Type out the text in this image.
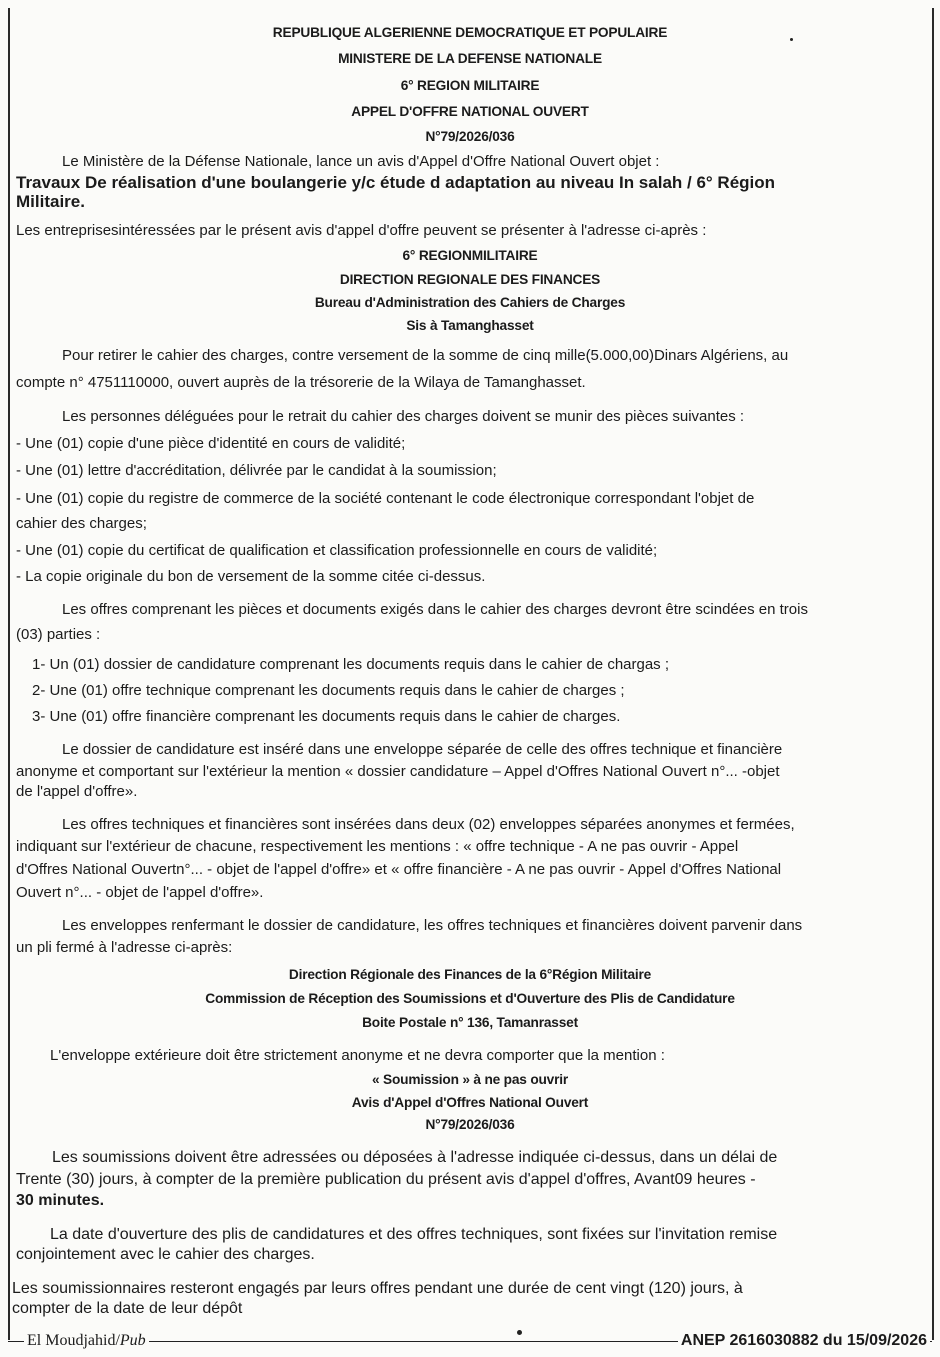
REPUBLIQUE ALGERIENNE DEMOCRATIQUE ET POPULAIRE
MINISTERE DE LA DEFENSE NATIONALE
6° REGION MILITAIRE
APPEL D'OFFRE NATIONAL OUVERT
N°79/2026/036
Le Ministère de la Défense Nationale, lance un avis d'Appel d'Offre National Ouvert objet :
Travaux De réalisation d'une boulangerie y/c étude d adaptation au niveau In salah / 6° Région
Militaire.
Les entreprisesintéressées par le présent avis d'appel d'offre peuvent se présenter à l'adresse ci-après :
6° REGIONMILITAIRE
DIRECTION REGIONALE DES FINANCES
Bureau d'Administration des Cahiers de Charges
Sis à Tamanghasset
Pour retirer le cahier des charges, contre versement de la somme de cinq mille(5.000,00)Dinars Algériens, au
compte n° 4751110000, ouvert auprès de la trésorerie de la Wilaya de Tamanghasset.
Les personnes déléguées pour le retrait du cahier des charges doivent se munir des pièces suivantes :
- Une (01) copie d'une pièce d'identité en cours de validité;
- Une (01) lettre d'accréditation, délivrée par le candidat à la soumission;
- Une (01) copie du registre de commerce de la société contenant le code électronique correspondant l'objet de
cahier des charges;
- Une (01) copie du certificat de qualification et classification professionnelle en cours de validité;
- La copie originale du bon de versement de la somme citée ci-dessus.
Les offres comprenant les pièces et documents exigés dans le cahier des charges devront être scindées en trois
(03) parties :
1- Un (01) dossier de candidature comprenant les documents requis dans le cahier de chargas ;
2- Une (01) offre technique comprenant les documents requis dans le cahier de charges ;
3- Une (01) offre financière comprenant les documents requis dans le cahier de charges.
Le dossier de candidature est inséré dans une enveloppe séparée de celle des offres technique et financière
anonyme et comportant sur l'extérieur la mention « dossier candidature – Appel d'Offres National Ouvert n°... -objet
de l'appel d'offre».
Les offres techniques et financières sont insérées dans deux (02) enveloppes séparées anonymes et fermées,
indiquant sur l'extérieur de chacune, respectivement les mentions : « offre technique - A ne pas ouvrir - Appel
d'Offres National Ouvertn°... - objet de l'appel d'offre» et « offre financière - A ne pas ouvrir - Appel d'Offres National
Ouvert n°... - objet de l'appel d'offre».
Les enveloppes renfermant le dossier de candidature, les offres techniques et financières doivent parvenir dans
un pli fermé à l'adresse ci-après:
Direction Régionale des Finances de la 6°Région Militaire
Commission de Réception des Soumissions et d'Ouverture des Plis de Candidature
Boite Postale n° 136, Tamanrasset
L'enveloppe extérieure doit être strictement anonyme et ne devra comporter que la mention :
« Soumission » à ne pas ouvrir
Avis d'Appel d'Offres National Ouvert
N°79/2026/036
Les soumissions doivent être adressées ou déposées à l'adresse indiquée ci-dessus, dans un délai de
Trente (30) jours, à compter de la première publication du présent avis d'appel d'offres, Avant09 heures -
30 minutes.
La date d'ouverture des plis de candidatures et des offres techniques, sont fixées sur l'invitation remise
conjointement avec le cahier des charges.
Les soumissionnaires resteront engagés par leurs offres pendant une durée de cent vingt (120) jours, à
compter de la date de leur dépôt
El Moudjahid/Pub	ANEP 2616030882 du 15/09/2026
